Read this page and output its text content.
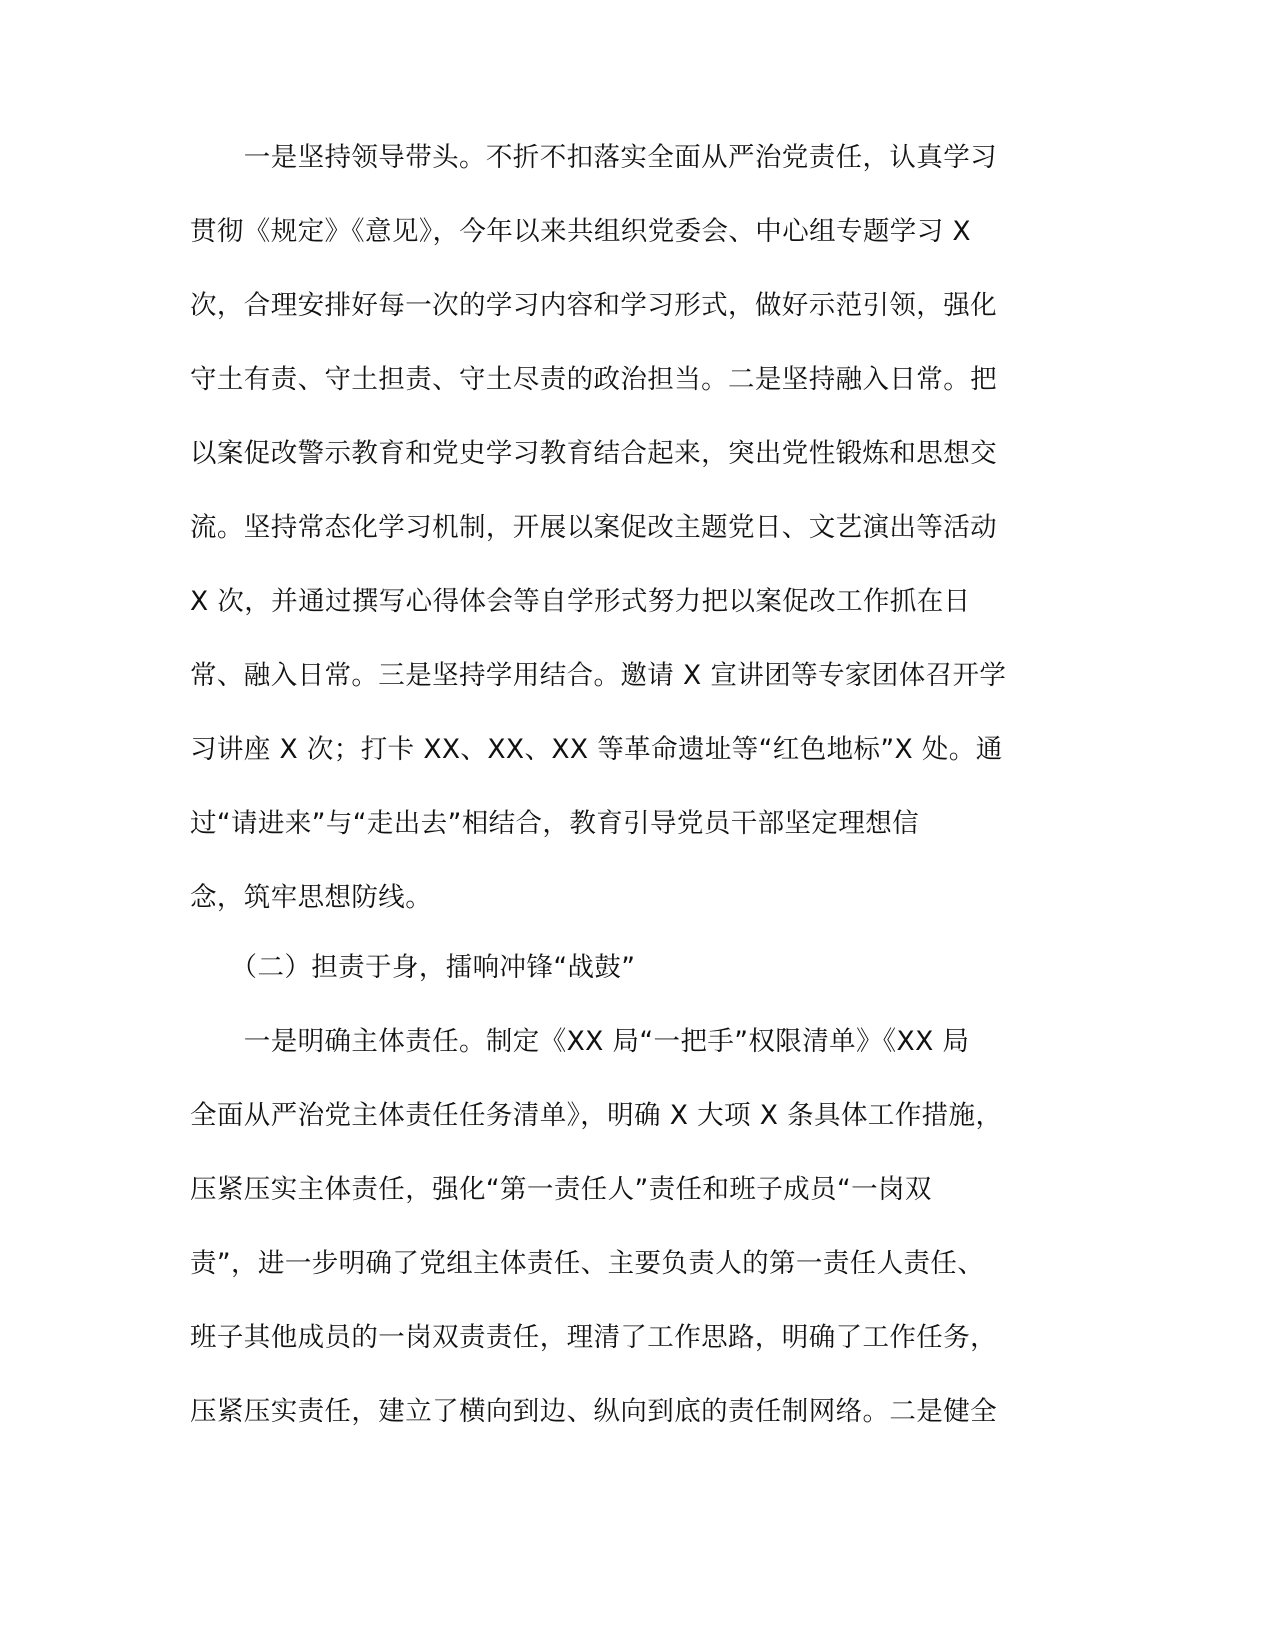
　　一是坚持领导带头。不折不扣落实全面从严治党责任，认真学习

贯彻《规定》《意见》，今年以来共组织党委会、中心组专题学习 X

次，合理安排好每一次的学习内容和学习形式，做好示范引领，强化

守土有责、守土担责、守土尽责的政治担当。二是坚持融入日常。把

以案促改警示教育和党史学习教育结合起来，突出党性锻炼和思想交

流。坚持常态化学习机制，开展以案促改主题党日、文艺演出等活动

X 次，并通过撰写心得体会等自学形式努力把以案促改工作抓在日

常、融入日常。三是坚持学用结合。邀请 X 宣讲团等专家团体召开学

习讲座 X 次；打卡 XX、XX、XX 等革命遗址等“红色地标”X 处。通

过“请进来”与“走出去”相结合，教育引导党员干部坚定理想信

念，筑牢思想防线。

　　（二）担责于身，擂响冲锋“战鼓”

　　一是明确主体责任。制定《XX 局“一把手”权限清单》《XX 局

全面从严治党主体责任任务清单》，明确 X 大项 X 条具体工作措施，

压紧压实主体责任，强化“第一责任人”责任和班子成员“一岗双

责”，进一步明确了党组主体责任、主要负责人的第一责任人责任、

班子其他成员的一岗双责责任，理清了工作思路，明确了工作任务，

压紧压实责任，建立了横向到边、纵向到底的责任制网络。二是健全
